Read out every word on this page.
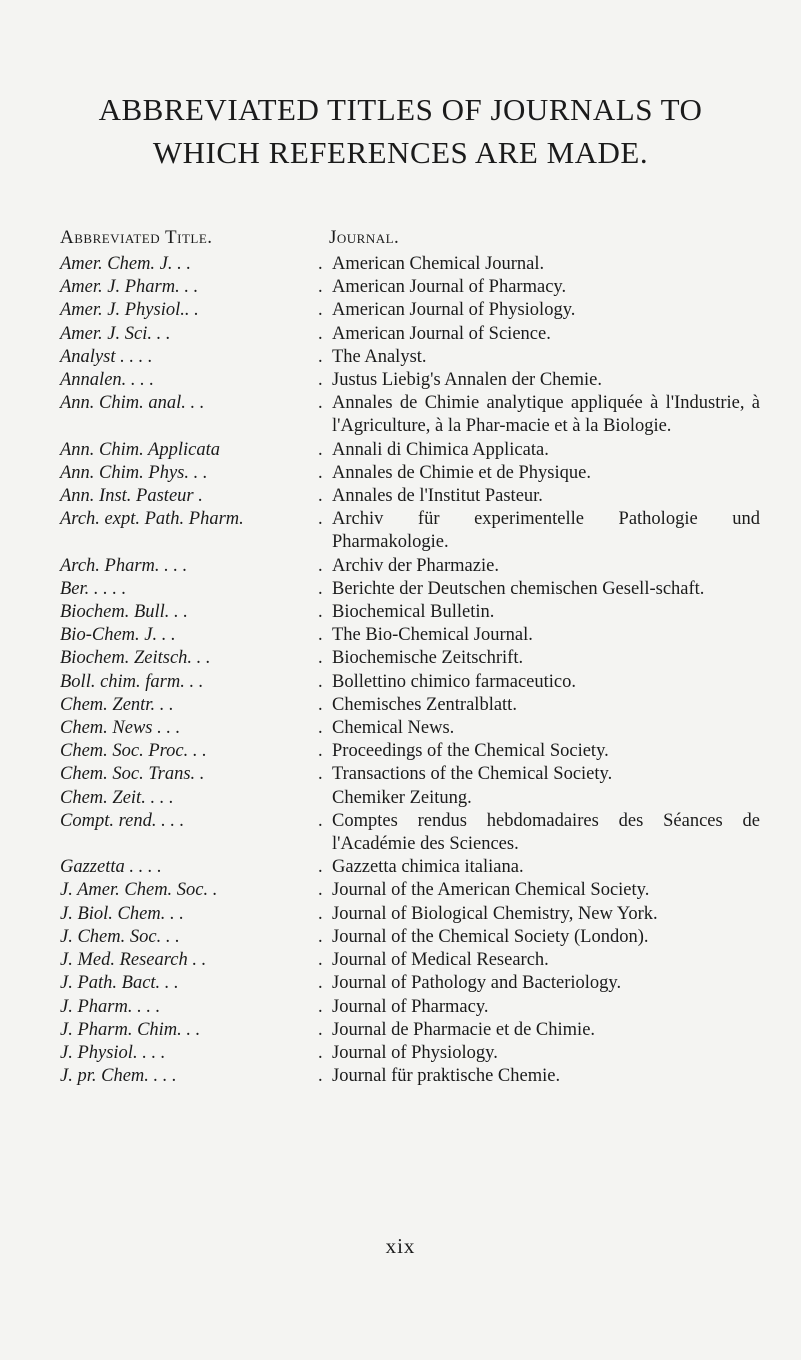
ABBREVIATED TITLES OF JOURNALS TO
WHICH REFERENCES ARE MADE.
Abbreviated Title.	Journal.
Amer. Chem. J. . .	. American Chemical Journal.
Amer. J. Pharm. . .	. American Journal of Pharmacy.
Amer. J. Physiol.. .	. American Journal of Physiology.
Amer. J. Sci. . .	. American Journal of Science.
Analyst . . . .	. The Analyst.
Annalen. . . .	. Justus Liebig's Annalen der Chemie.
Ann. Chim. anal. . .	. Annales de Chimie analytique appliquée à l'Industrie, à l'Agriculture, à la Phar-macie et à la Biologie.
Ann. Chim. Applicata	. Annali di Chimica Applicata.
Ann. Chim. Phys. . .	. Annales de Chimie et de Physique.
Ann. Inst. Pasteur .	. Annales de l'Institut Pasteur.
Arch. expt. Path. Pharm.	. Archiv für experimentelle Pathologie und Pharmakologie.
Arch. Pharm. . . .	. Archiv der Pharmazie.
Ber. . . . .	. Berichte der Deutschen chemischen Gesell-schaft.
Biochem. Bull. . .	. Biochemical Bulletin.
Bio-Chem. J. . .	. The Bio-Chemical Journal.
Biochem. Zeitsch. . .	. Biochemische Zeitschrift.
Boll. chim. farm. . .	. Bollettino chimico farmaceutico.
Chem. Zentr. . .	. Chemisches Zentralblatt.
Chem. News . . .	. Chemical News.
Chem. Soc. Proc. . .	. Proceedings of the Chemical Society.
Chem. Soc. Trans. .	. Transactions of the Chemical Society.
Chem. Zeit. . . .	Chemiker Zeitung.
Compt. rend. . . .	. Comptes rendus hebdomadaires des Séances de l'Académie des Sciences.
Gazzetta . . . .	. Gazzetta chimica italiana.
J. Amer. Chem. Soc. .	. Journal of the American Chemical Society.
J. Biol. Chem. . .	. Journal of Biological Chemistry, New York.
J. Chem. Soc. . .	. Journal of the Chemical Society (London).
J. Med. Research . .	. Journal of Medical Research.
J. Path. Bact. . .	. Journal of Pathology and Bacteriology.
J. Pharm. . . .	. Journal of Pharmacy.
J. Pharm. Chim. . .	. Journal de Pharmacie et de Chimie.
J. Physiol. . . .	. Journal of Physiology.
J. pr. Chem. . . .	. Journal für praktische Chemie.
xix
